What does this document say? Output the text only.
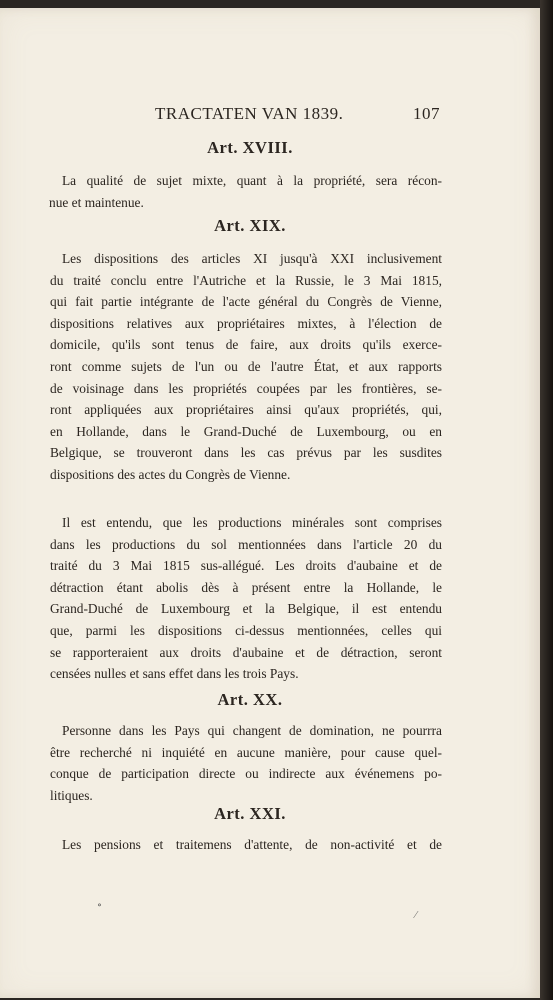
TRACTATEN VAN 1839.	107
Art. XVIII.
La qualité de sujet mixte, quant à la propriété, sera récon-
nue et maintenue.
Art. XIX.
Les dispositions des articles XI jusqu'à XXI inclusivement
du traité conclu entre l'Autriche et la Russie, le 3 Mai 1815,
qui fait partie intégrante de l'acte général du Congrès de Vienne,
dispositions relatives aux propriétaires mixtes, à l'élection de
domicile, qu'ils sont tenus de faire, aux droits qu'ils exerce-
ront comme sujets de l'un ou de l'autre État, et aux rapports
de voisinage dans les propriétés coupées par les frontières, se-
ront appliquées aux propriétaires ainsi qu'aux propriétés, qui,
en Hollande, dans le Grand-Duché de Luxembourg, ou en
Belgique, se trouveront dans les cas prévus par les susdites
dispositions des actes du Congrès de Vienne.
Il est entendu, que les productions minérales sont comprises
dans les productions du sol mentionnées dans l'article 20 du
traité du 3 Mai 1815 sus-allégué. Les droits d'aubaine et de
détraction étant abolis dès à présent entre la Hollande, le
Grand-Duché de Luxembourg et la Belgique, il est entendu
que, parmi les dispositions ci-dessus mentionnées, celles qui
se rapporteraient aux droits d'aubaine et de détraction, seront
censées nulles et sans effet dans les trois Pays.
Art. XX.
Personne dans les Pays qui changent de domination, ne pourrra
être recherché ni inquiété en aucune manière, pour cause quel-
conque de participation directe ou indirecte aux événemens po-
litiques.
Art. XXI.
Les pensions et traitemens d'attente, de non-activité et de
∘
⁄
